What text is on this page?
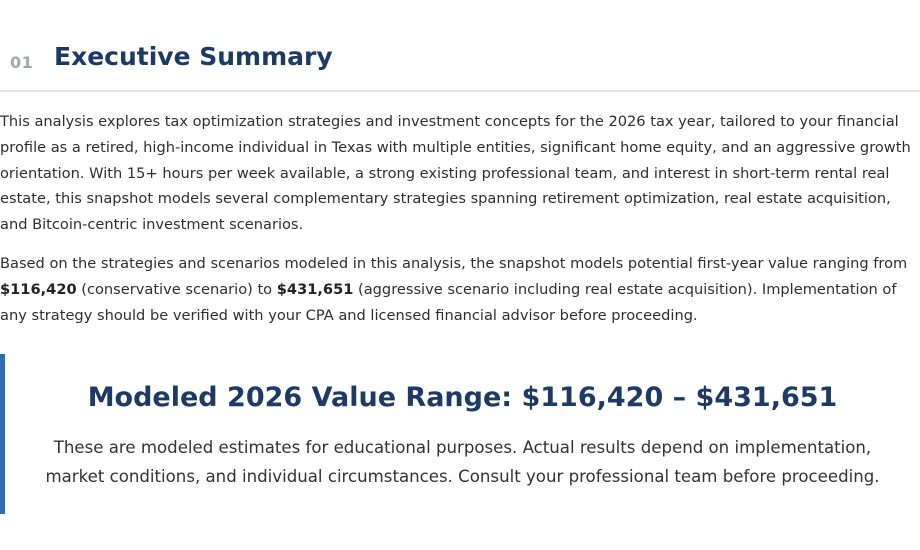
01 Executive Summary

This analysis explores tax optimization strategies and investment concepts for the 2026 tax year, tailored to your financial profile as a retired, high-income individual in Texas with multiple entities, significant home equity, and an aggressive growth orientation. With 15+ hours per week available, a strong existing professional team, and interest in short-term rental real estate, this snapshot models several complementary strategies spanning retirement optimization, real estate acquisition, and Bitcoin-centric investment scenarios.

Based on the strategies and scenarios modeled in this analysis, the snapshot models potential first-year value ranging from $116,420 (conservative scenario) to $431,651 (aggressive scenario including real estate acquisition). Implementation of any strategy should be verified with your CPA and licensed financial advisor before proceeding.

Modeled 2026 Value Range: $116,420 – $431,651

These are modeled estimates for educational purposes. Actual results depend on implementation, market conditions, and individual circumstances. Consult your professional team before proceeding.
